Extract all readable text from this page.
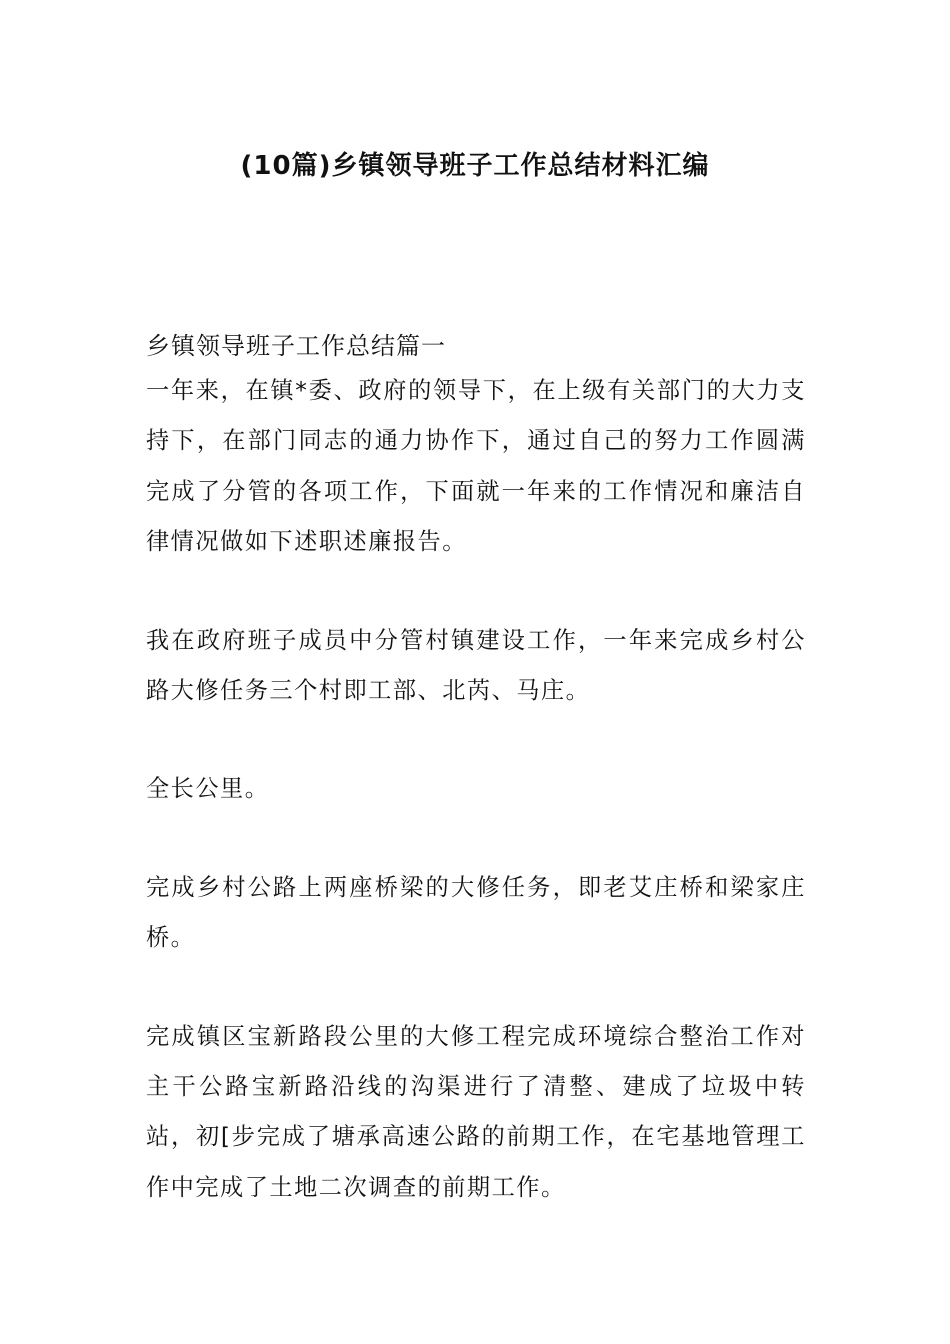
(10篇)乡镇领导班子工作总结材料汇编
乡镇领导班子工作总结篇一

一年来，在镇*委、政府的领导下，在上级有关部门的大力支持下，在部门同志的通力协作下，通过自己的努力工作圆满完成了分管的各项工作，下面就一年来的工作情况和廉洁自律情况做如下述职述廉报告。

我在政府班子成员中分管村镇建设工作，一年来完成乡村公路大修任务三个村即工部、北芮、马庄。

全长公里。

完成乡村公路上两座桥梁的大修任务，即老艾庄桥和梁家庄桥。

完成镇区宝新路段公里的大修工程完成环境综合整治工作对主干公路宝新路沿线的沟渠进行了清整、建成了垃圾中转站，初[步完成了塘承高速公路的前期工作，在宅基地管理工作中完成了土地二次调查的前期工作。
